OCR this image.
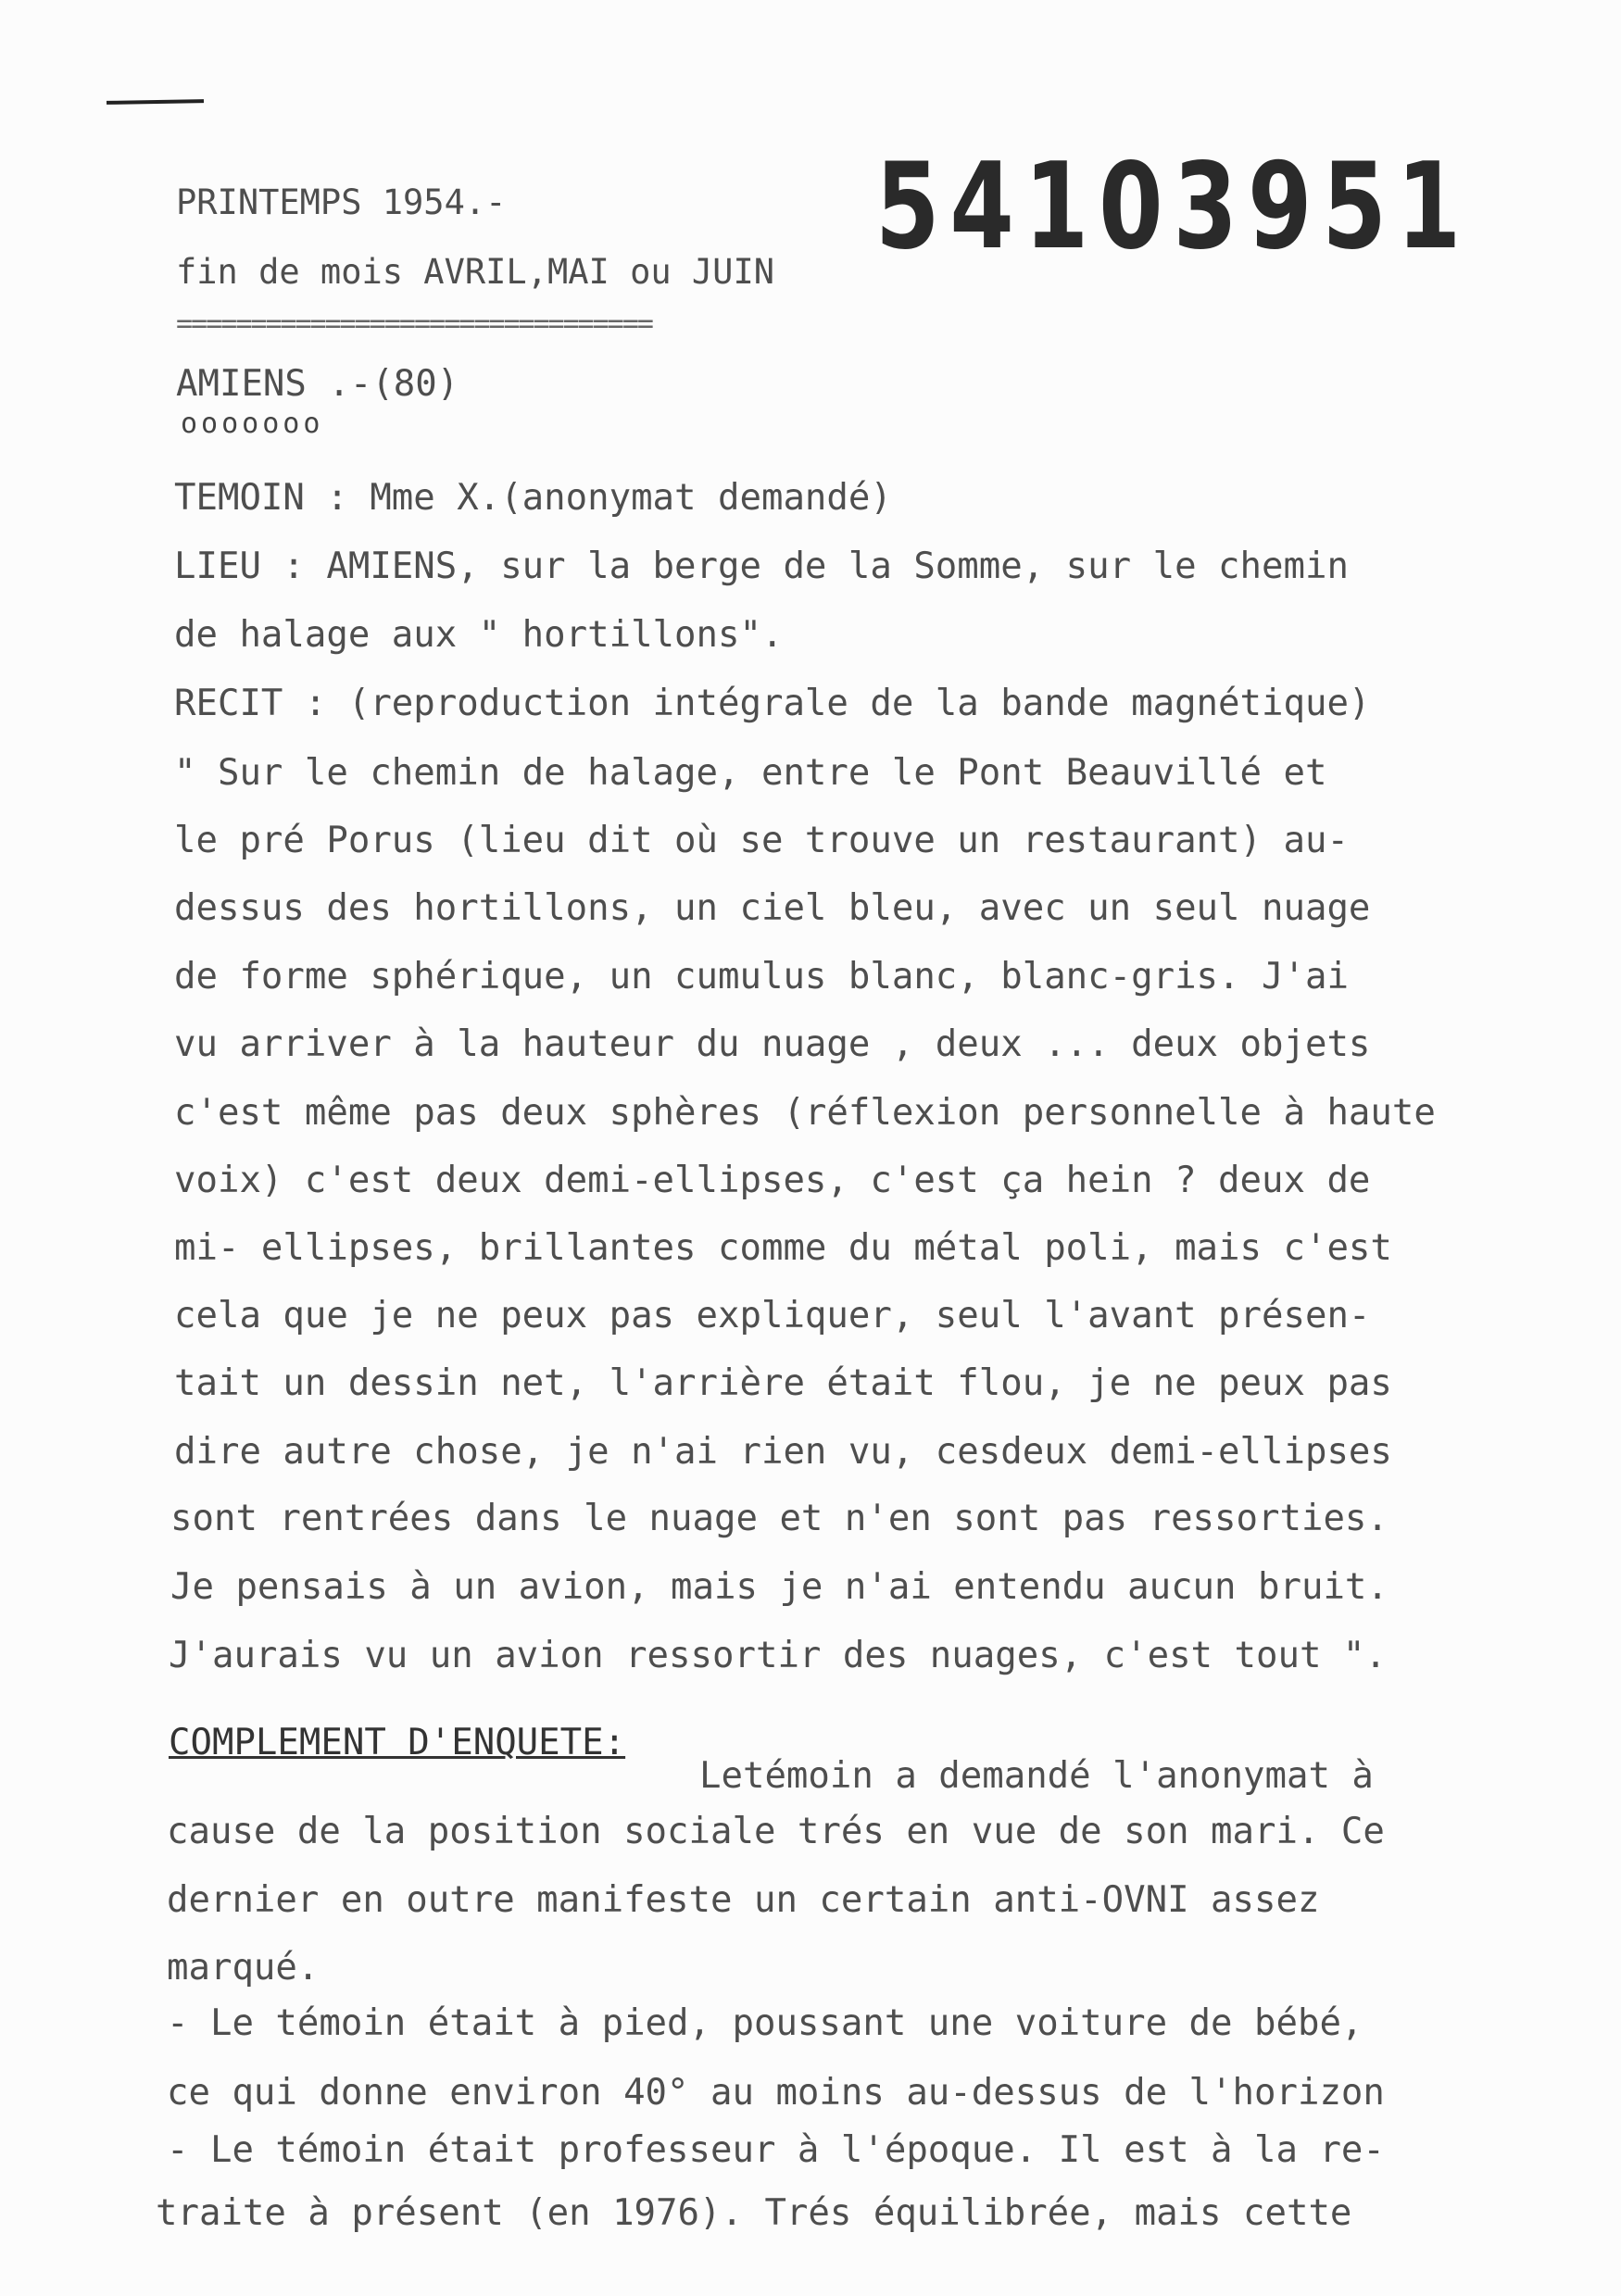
PRINTEMPS 1954.-
fin de mois AVRIL,MAI ou JUIN 54103951
================================
AMIENS .-(80)
ooooooo
TEMOIN : Mme X.(anonymat demandé)
LIEU : AMIENS, sur la berge de la Somme, sur le chemin
de halage aux " hortillons".
RECIT : (reproduction intégrale de la bande magnétique)
" Sur le chemin de halage, entre le Pont Beauvillé et
le pré Porus (lieu dit où se trouve un restaurant) au-
dessus des hortillons, un ciel bleu, avec un seul nuage
de forme sphérique, un cumulus blanc, blanc-gris. J'ai
vu arriver à la hauteur du nuage , deux ... deux objets
c'est même pas deux sphères (réflexion personnelle à haute
voix) c'est deux demi-ellipses, c'est ça hein ? deux de
mi- ellipses, brillantes comme du métal poli, mais c'est
cela que je ne peux pas expliquer, seul l'avant présen-
tait un dessin net, l'arrière était flou, je ne peux pas
dire autre chose, je n'ai rien vu, cesdeux demi-ellipses
sont rentrées dans le nuage et n'en sont pas ressorties.
Je pensais à un avion, mais je n'ai entendu aucun bruit.
J'aurais vu un avion ressortir des nuages, c'est tout ".
COMPLEMENT D'ENQUETE:
Letémoin a demandé l'anonymat à
cause de la position sociale trés en vue de son mari. Ce
dernier en outre manifeste un certain anti-OVNI assez
marqué.
- Le témoin était à pied, poussant une voiture de bébé,
ce qui donne environ 40° au moins au-dessus de l'horizon
- Le témoin était professeur à l'époque. Il est à la re-
traite à présent (en 1976). Trés équilibrée, mais cette
